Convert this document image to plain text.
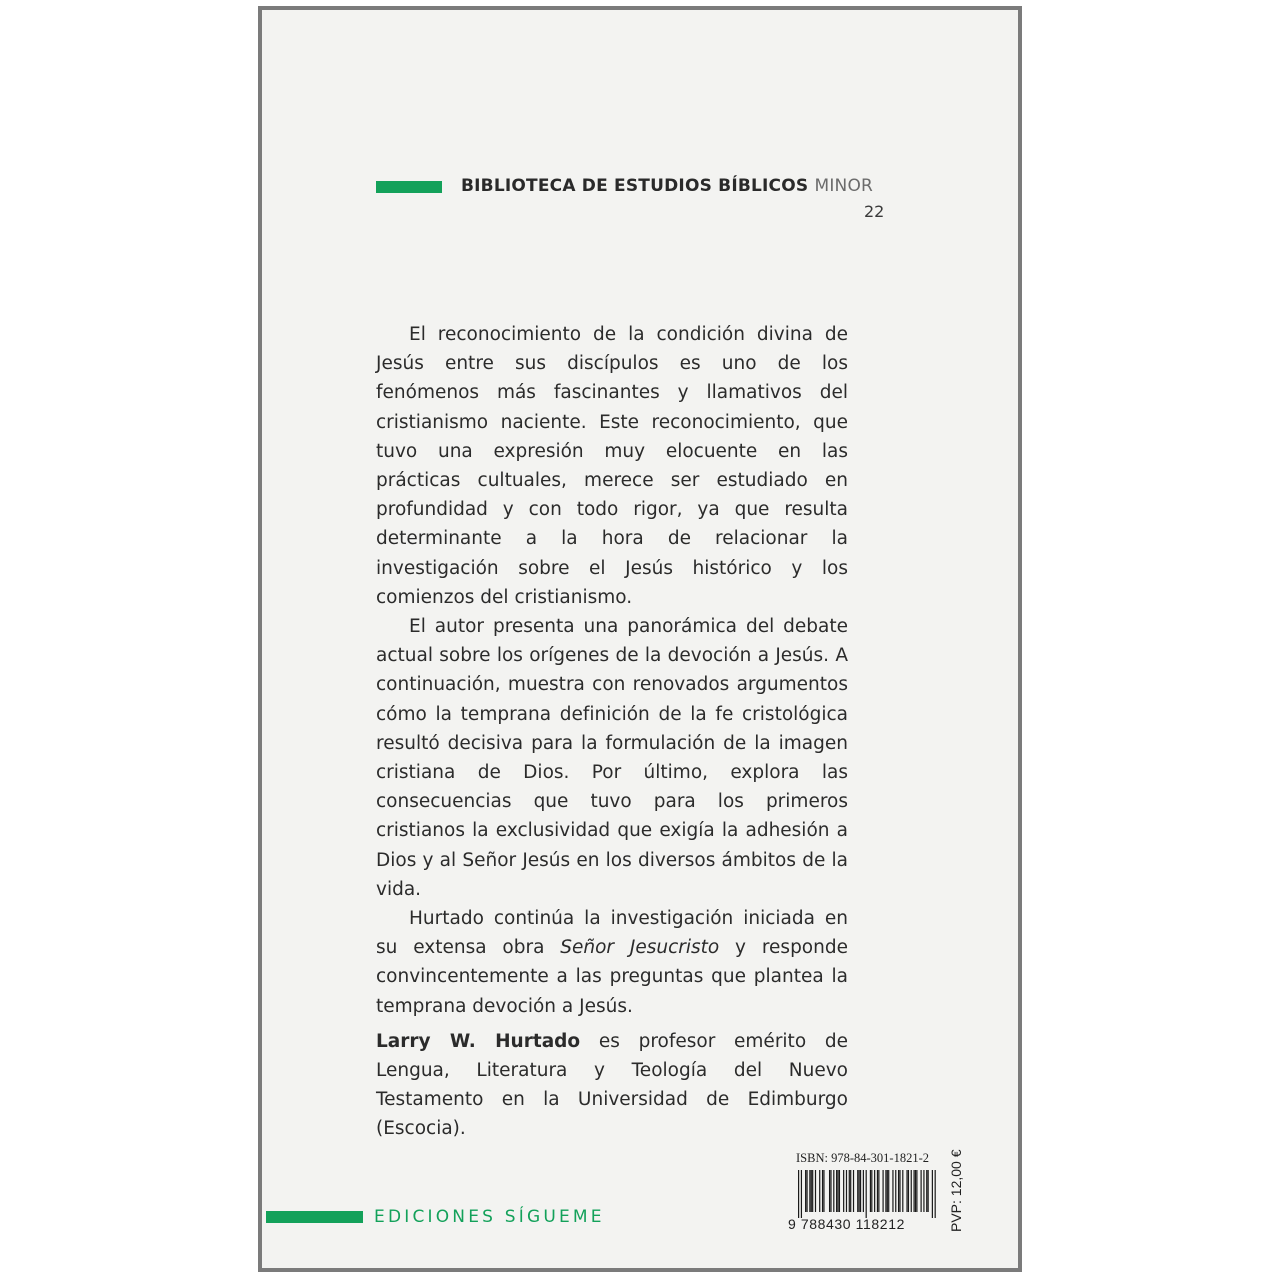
BIBLIOTECA DE ESTUDIOS BÍBLICOS MINOR
22

El reconocimiento de la condición divina de Jesús entre sus discípulos es uno de los fenómenos más fascinantes y llamativos del cristianismo naciente. Este reconocimiento, que tuvo una expresión muy elocuente en las prácticas cultuales, merece ser estudiado en profundidad y con todo rigor, ya que resulta determinante a la hora de relacionar la investigación sobre el Jesús histórico y los comienzos del cristianismo.

El autor presenta una panorámica del debate actual sobre los orígenes de la devoción a Jesús. A continuación, muestra con renovados argumentos cómo la temprana definición de la fe cristológica resultó decisiva para la formulación de la imagen cristiana de Dios. Por último, explora las consecuencias que tuvo para los primeros cristianos la exclusividad que exigía la adhesión a Dios y al Señor Jesús en los diversos ámbitos de la vida.

Hurtado continúa la investigación iniciada en su extensa obra Señor Jesucristo y responde convincentemente a las preguntas que plantea la temprana devoción a Jesús.

Larry W. Hurtado es profesor emérito de Lengua, Literatura y Teología del Nuevo Testamento en la Universidad de Edimburgo (Escocia).

EDICIONES SÍGUEME
ISBN: 978-84-301-1821-2
9 788430 118212	PVP: 12,00 €
